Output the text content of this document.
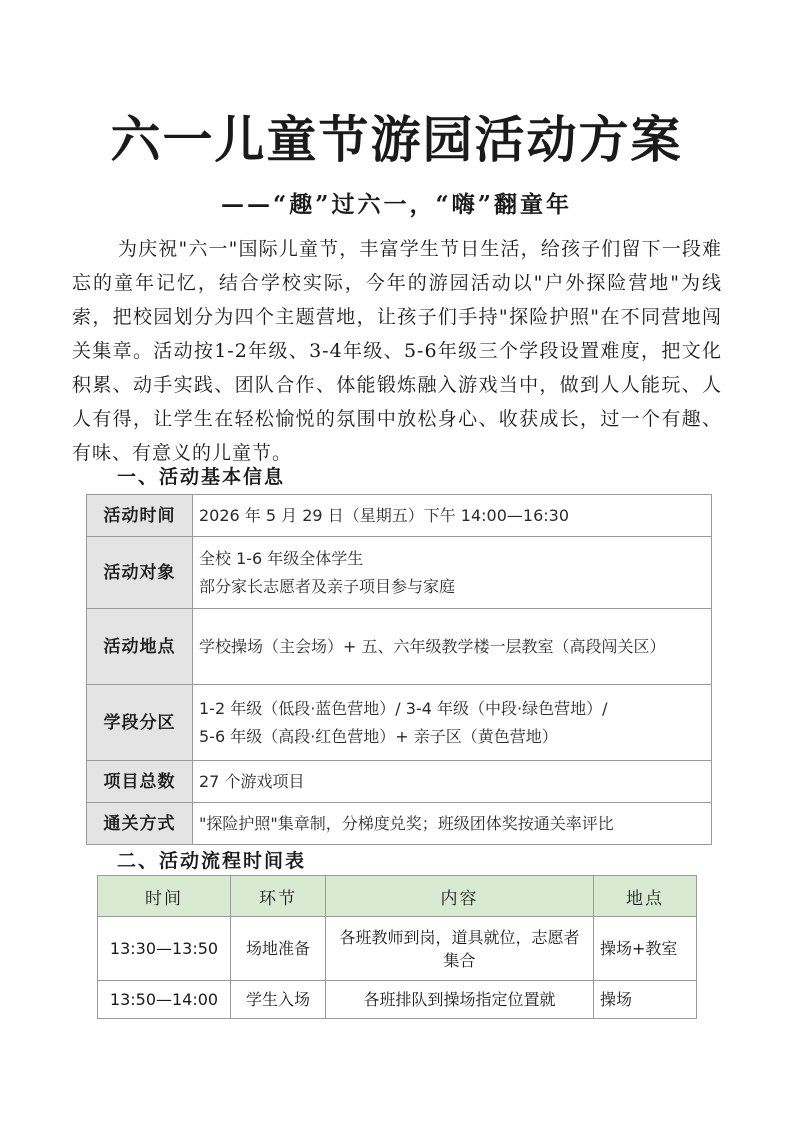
六一儿童节游园活动方案
——“趣”过六一，“嗨”翻童年

为庆祝"六一"国际儿童节，丰富学生节日生活，给孩子们留下一段难忘的童年记忆，结合学校实际，今年的游园活动以"户外探险营地"为线索，把校园划分为四个主题营地，让孩子们手持"探险护照"在不同营地闯关集章。活动按1-2年级、3-4年级、5-6年级三个学段设置难度，把文化积累、动手实践、团队合作、体能锻炼融入游戏当中，做到人人能玩、人人有得，让学生在轻松愉悦的氛围中放松身心、收获成长，过一个有趣、有味、有意义的儿童节。

一、活动基本信息
活动时间	2026 年 5 月 29 日（星期五）下午 14:00—16:30
活动对象	全校 1-6 年级全体学生
部分家长志愿者及亲子项目参与家庭
活动地点	学校操场（主会场）+ 五、六年级教学楼一层教室（高段闯关区）
学段分区	1-2 年级（低段·蓝色营地）/ 3-4 年级（中段·绿色营地）/
5-6 年级（高段·红色营地）+ 亲子区（黄色营地）
项目总数	27 个游戏项目
通关方式	"探险护照"集章制，分梯度兑奖；班级团体奖按通关率评比
二、活动流程时间表
时间	环节	内容	地点
13:30—13:50	场地准备	各班教师到岗，道具就位，志愿者集合	操场+教室
13:50—14:00	学生入场	各班排队到操场指定位置就	操场
